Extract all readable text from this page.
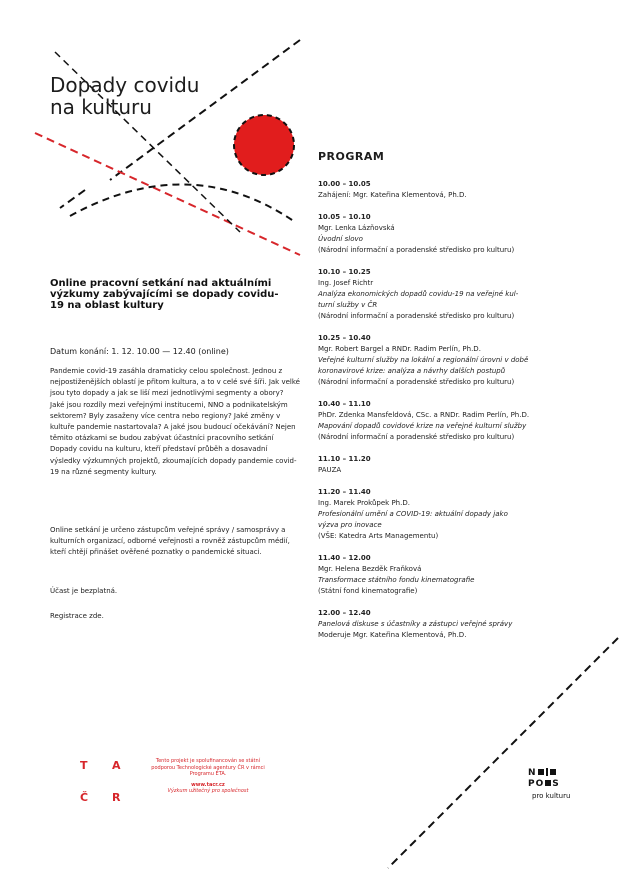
Dopady covidu
na kulturu
Online pracovní setkání nad aktuálními výzkumy zabývajícími se dopady covidu-19 na oblast kultury

Datum konání: 1. 12. 10.00 — 12.40 (online)

Pandemie covid-19 zasáhla dramaticky celou společnost. Jednou z nejpostiženějších oblastí je přitom kultura, a to v celé své šíři. Jak velké jsou tyto dopady a jak se liší mezi jednotlivými segmenty a obory? Jaké jsou rozdíly mezi veřejnými institucemi, NNO a podnikatelským sektorem? Byly zasaženy více centra nebo regiony? Jaké změny v kultuře pandemie nastartovala? A jaké jsou budoucí očekávání? Nejen těmito otázkami se budou zabývat účastníci pracovního setkání Dopady covidu na kulturu, kteří představí průběh a dosavadní výsledky výzkumných projektů, zkoumajících dopady pandemie covid-19 na různé segmenty kultury.

Online setkání je určeno zástupcům veřejné správy / samosprávy a kulturních organizací, odborné veřejnosti a rovněž zástupcům médií, kteří chtějí přinášet ověřené poznatky o pandemické situaci.

Účast je bezplatná.

Registrace zde.

PROGRAM
10.00 – 10.05
Zahájení: Mgr. Kateřina Klementová, Ph.D.
10.05 – 10.10
Mgr. Lenka Lázňovská
Úvodní slovo
(Národní informační a poradenské středisko pro kulturu)
10.10 – 10.25
Ing. Josef Richtr
Analýza ekonomických dopadů covidu-19 na veřejné kul-
turní služby v ČR
(Národní informační a poradenské středisko pro kulturu)
10.25 – 10.40
Mgr. Robert Bargel a RNDr. Radim Perlín, Ph.D.
Veřejné kulturní služby na lokální a regionální úrovni v době
koronavirové krize: analýza a návrhy dalších postupů
(Národní informační a poradenské středisko pro kulturu)
10.40 – 11.10
PhDr. Zdenka Mansfeldová, CSc. a RNDr. Radim Perlín, Ph.D.
Mapování dopadů covidové krize na veřejné kulturní služby
(Národní informační a poradenské středisko pro kulturu)
11.10 – 11.20
PAUZA
11.20 – 11.40
Ing. Marek Prokůpek Ph.D.
Profesionální umění a COVID-19: aktuální dopady jako
výzva pro inovace
(VŠE: Katedra Arts Managementu)
11.40 – 12.00
Mgr. Helena Bezděk Fraňková
Transformace státního fondu kinematografie
(Státní fond kinematografie)
12.00 – 12.40
Panelová diskuse s účastníky a zástupci veřejné správy
Moderuje Mgr. Kateřina Klementová, Ph.D.
T A
Č R

Tento projekt je spolufinancován se státní podporou Technologické agentury ČR v rámci Programu ÉTA.

www.tacr.cz

Výzkum užitečný pro společnost

N
PO S
pro kulturu
